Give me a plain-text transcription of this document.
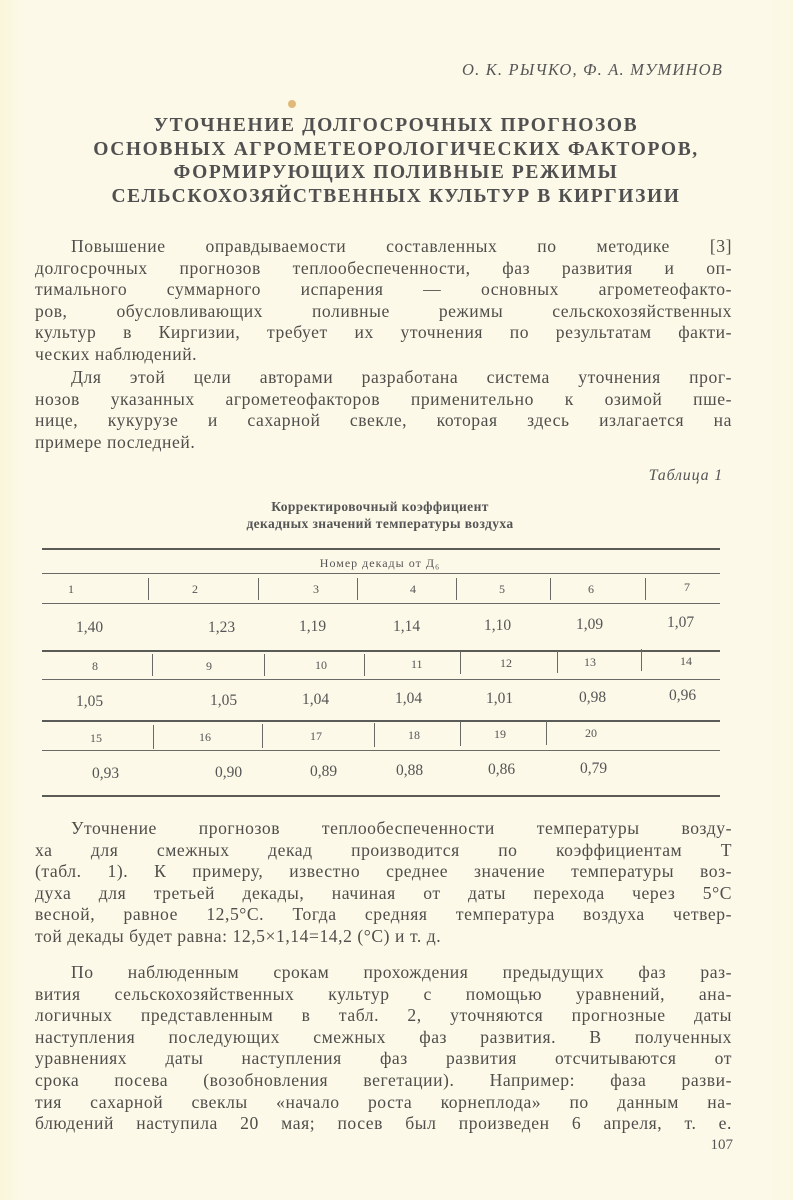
О. К. РЫЧКО, Ф. А. МУМИНОВ
УТОЧНЕНИЕ ДОЛГОСРОЧНЫХ ПРОГНОЗОВ
ОСНОВНЫХ АГРОМЕТЕОРОЛОГИЧЕСКИХ ФАКТОРОВ,
ФОРМИРУЮЩИХ ПОЛИВНЫЕ РЕЖИМЫ
СЕЛЬСКОХОЗЯЙСТВЕННЫХ КУЛЬТУР В КИРГИЗИИ
Повышение оправдываемости составленных по методике [3]
долгосрочных прогнозов теплообеспеченности, фаз развития и оп-
тимального суммарного испарения — основных агрометеофакто-
ров, обусловливающих поливные режимы сельскохозяйственных
культур в Киргизии, требует их уточнения по результатам факти-
ческих наблюдений.
Для этой цели авторами разработана система уточнения прог-
нозов указанных агрометеофакторов применительно к озимой пше-
нице, кукурузе и сахарной свекле, которая здесь излагается на
примере последней.
Таблица 1
Корректировочный коэффициент
декадных значений температуры воздуха
Номер декады от Д₆
1	2	3	4	5	6	7
1,40	1,23	1,19	1,14	1,10	1,09	1,07
8	9	10	11	12	13	14
1,05	1,05	1,04	1,04	1,01	0,98	0,96
15	16	17	18	19	20
0,93	0,90	0,89	0,88	0,86	0,79
Уточнение прогнозов теплообеспеченности температуры возду-
ха для смежных декад производится по коэффициентам T
(табл. 1). К примеру, известно среднее значение температуры воз-
духа для третьей декады, начиная от даты перехода через 5°С
весной, равное 12,5°С. Тогда средняя температура воздуха четвер-
той декады будет равна: 12,5×1,14=14,2 (°С) и т. д.
По наблюденным срокам прохождения предыдущих фаз раз-
вития сельскохозяйственных культур с помощью уравнений, ана-
логичных представленным в табл. 2, уточняются прогнозные даты
наступления последующих смежных фаз развития. В полученных
уравнениях даты наступления фаз развития отсчитываются от
срока посева (возобновления вегетации). Например: фаза разви-
тия сахарной свеклы «начало роста корнеплода» по данным на-
блюдений наступила 20 мая; посев был произведен 6 апреля, т. е.
107
